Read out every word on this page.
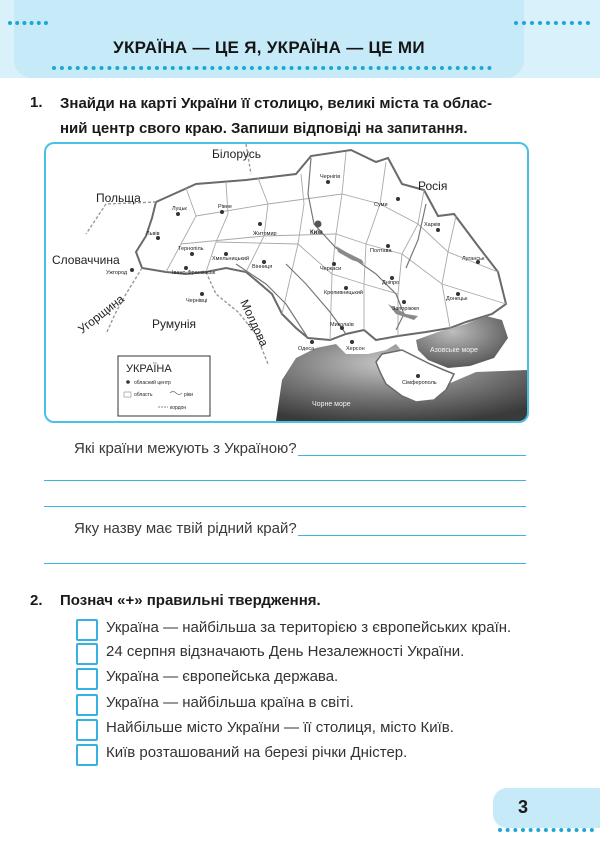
УКРАЇНА — ЦЕ Я, УКРАЇНА — ЦЕ МИ
1. Знайди на карті України її столицю, великі міста та облас-
ний центр свого краю. Запиши відповіді на запитання.
Луцьк	Рівне
Житомир	Київ
Чернігів
Суми
Харків
Полтава
Львів
Тернопіль
Хмельницький
Вінниця	Черкаси
Ужгород	Івано-Франківськ
Чернівці
Кропивницький
Дніпро
Луганськ
Донецьк
Запоріжжя
Миколаїв
Одеса	Херсон
Сімферополь
Білорусь
Польща
Росія
Словаччина
Румунія
Угорщина	Молдова
Чорне море
Азовське море
УКРАЇНА
обласний центр
область	ріки
кордон
Які країни межують з Україною?
Яку назву має твій рідний край?
2. Познач «+» правильні твердження.
Україна — найбільша за територією з європейських країн.
24 серпня відзначають День Незалежності України.
Україна — європейська держава.
Україна — найбільша країна в світі.
Найбільше місто України — її столиця, місто Київ.
Київ розташований на березі річки Дністер.
3
